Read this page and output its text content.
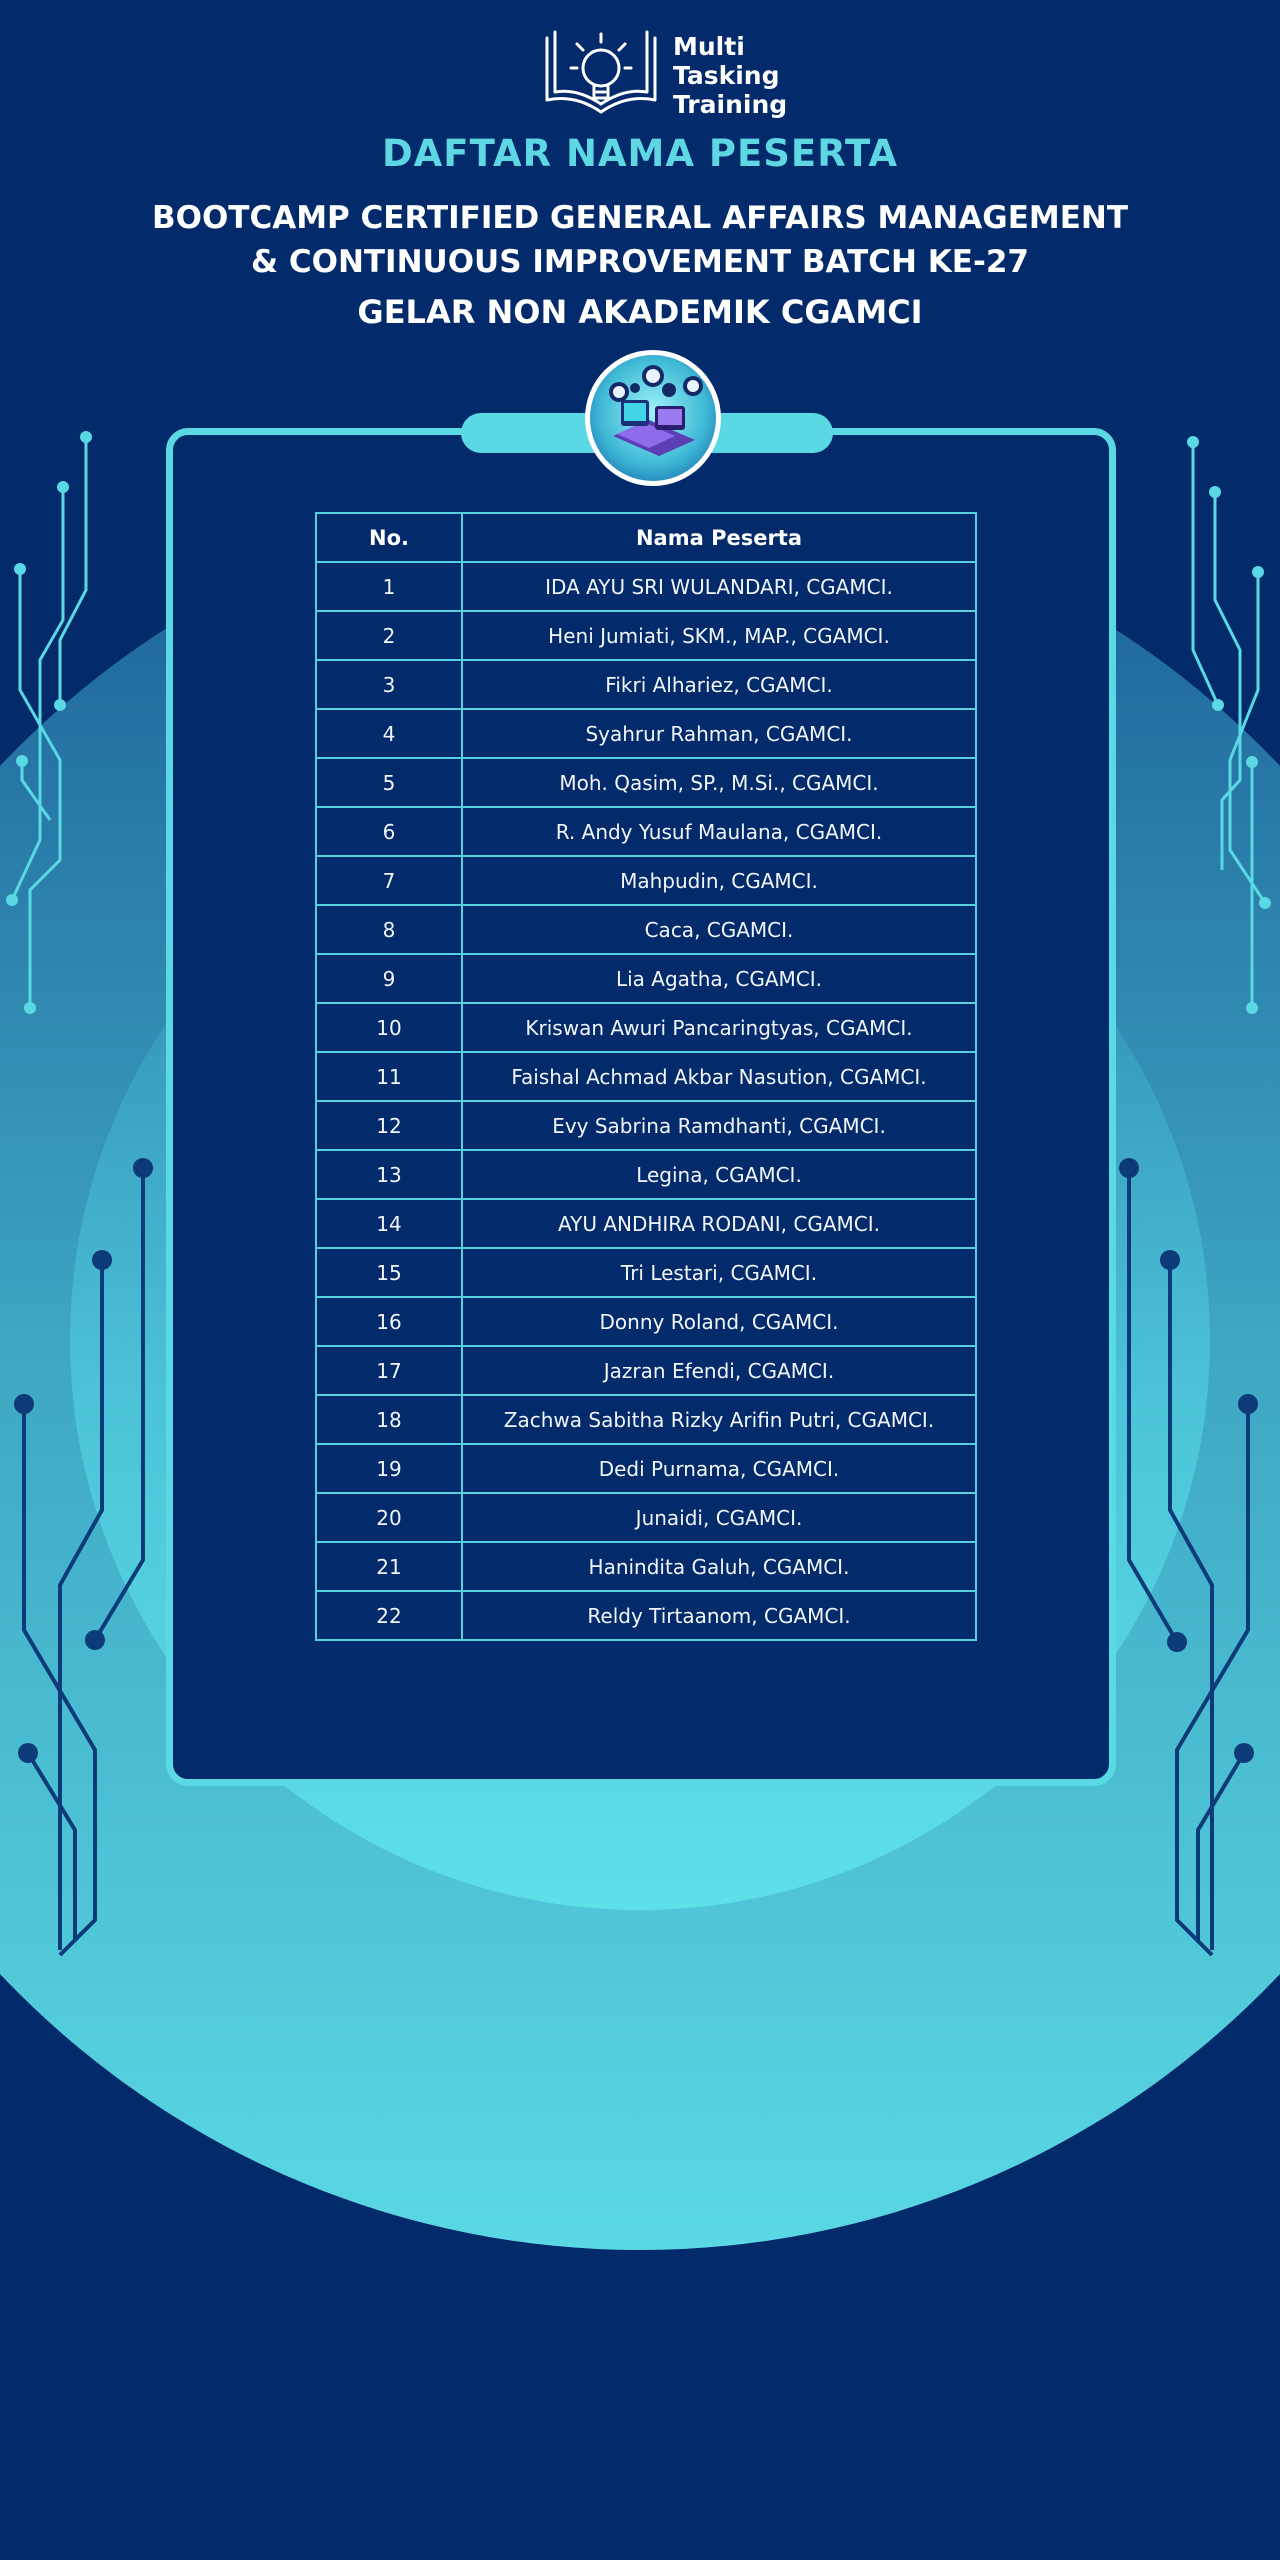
Multi
Tasking
Training
DAFTAR NAMA PESERTA
BOOTCAMP CERTIFIED GENERAL AFFAIRS MANAGEMENT
& CONTINUOUS IMPROVEMENT BATCH KE-27
GELAR NON AKADEMIK CGAMCI
No.	Nama Peserta
1	IDA AYU SRI WULANDARI, CGAMCI.
2	Heni Jumiati, SKM., MAP., CGAMCI.
3	Fikri Alhariez, CGAMCI.
4	Syahrur Rahman, CGAMCI.
5	Moh. Qasim, SP., M.Si., CGAMCI.
6	R. Andy Yusuf Maulana, CGAMCI.
7	Mahpudin, CGAMCI.
8	Caca, CGAMCI.
9	Lia Agatha, CGAMCI.
10	Kriswan Awuri Pancaringtyas, CGAMCI.
11	Faishal Achmad Akbar Nasution, CGAMCI.
12	Evy Sabrina Ramdhanti, CGAMCI.
13	Legina, CGAMCI.
14	AYU ANDHIRA RODANI, CGAMCI.
15	Tri Lestari, CGAMCI.
16	Donny Roland, CGAMCI.
17	Jazran Efendi, CGAMCI.
18	Zachwa Sabitha Rizky Arifin Putri, CGAMCI.
19	Dedi Purnama, CGAMCI.
20	Junaidi, CGAMCI.
21	Hanindita Galuh, CGAMCI.
22	Reldy Tirtaanom, CGAMCI.
